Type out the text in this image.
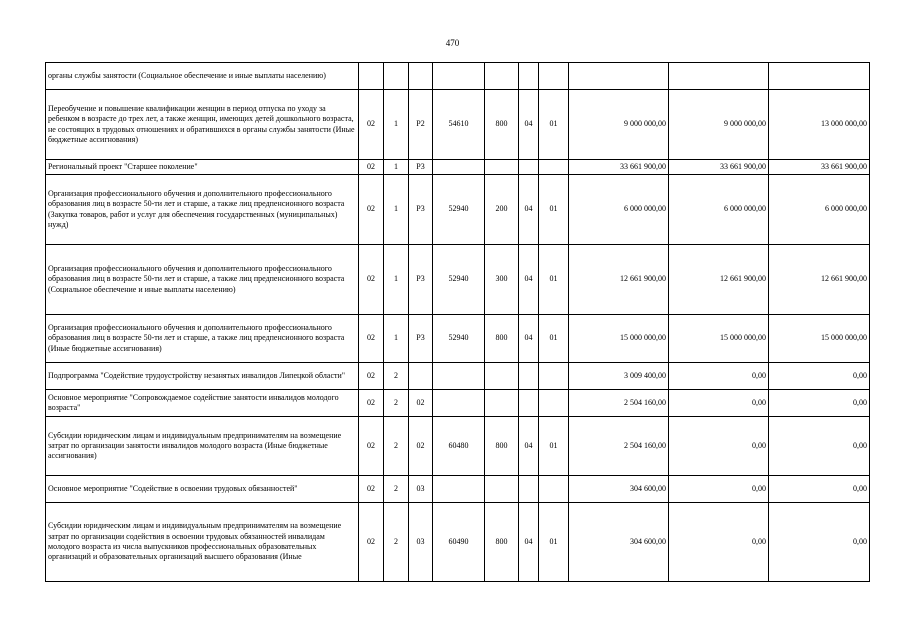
470
органы службы занятости (Социальное обеспечение и иные выплаты населению)										
Переобучение и повышение квалификации женщин в период отпуска по уходу за ребенком в возрасте до трех лет, а также женщин, имеющих детей дошкольного возраста, не состоящих в трудовых отношениях и обратившихся в органы службы занятости (Иные бюджетные ассигнования)	02	1	P2	54610	800	04	01	9 000 000,00	9 000 000,00	13 000 000,00
Региональный проект "Старшее поколение"	02	1	P3					33 661 900,00	33 661 900,00	33 661 900,00
Организация профессионального обучения и дополнительного профессионального образования лиц в возрасте 50-ти лет и старше, а также лиц предпенсионного возраста (Закупка товаров, работ и услуг для обеспечения государственных (муниципальных) нужд)	02	1	P3	52940	200	04	01	6 000 000,00	6 000 000,00	6 000 000,00
Организация профессионального обучения и дополнительного профессионального образования лиц в возрасте 50-ти лет и старше, а также лиц предпенсионного возраста (Социальное обеспечение и иные выплаты населению)	02	1	P3	52940	300	04	01	12 661 900,00	12 661 900,00	12 661 900,00
Организация профессионального обучения и дополнительного профессионального образования лиц в возрасте 50-ти лет и старше, а также лиц предпенсионного возраста (Иные бюджетные ассигнования)	02	1	P3	52940	800	04	01	15 000 000,00	15 000 000,00	15 000 000,00
Подпрограмма "Содействие трудоустройству незанятых инвалидов Липецкой области"	02	2						3 009 400,00	0,00	0,00
Основное мероприятие "Сопровождаемое содействие занятости инвалидов молодого возраста"	02	2	02					2 504 160,00	0,00	0,00
Субсидии юридическим лицам и индивидуальным предпринимателям на возмещение затрат по организации занятости инвалидов молодого возраста (Иные бюджетные ассигнования)	02	2	02	60480	800	04	01	2 504 160,00	0,00	0,00
Основное мероприятие "Содействие в освоении трудовых обязанностей"	02	2	03					304 600,00	0,00	0,00
Субсидии юридическим лицам и индивидуальным предпринимателям на возмещение затрат по организации содействия в освоении трудовых обязанностей инвалидам молодого возраста из числа выпускников профессиональных образовательных организаций и образовательных организаций высшего образования (Иные	02	2	03	60490	800	04	01	304 600,00	0,00	0,00
